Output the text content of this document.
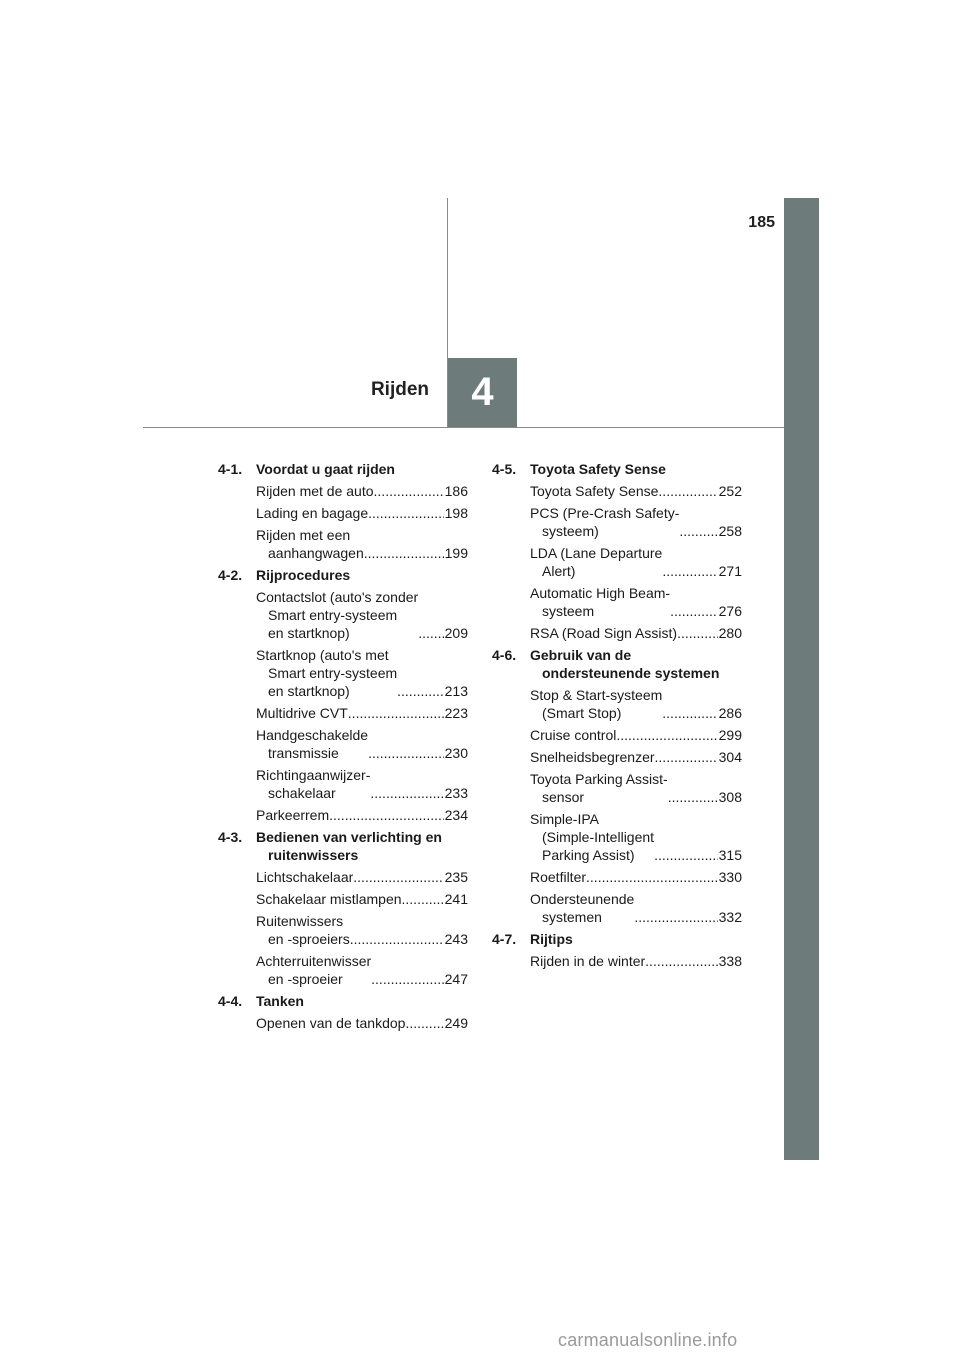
185
4
Rijden
4-1. Voordat u gaat rijden
Rijden met de auto .....	186
Lading en bagage .....	198
Rijden met een
aanhangwagen .....	199
4-2. Rijprocedures
Contactslot (auto's zonder
Smart entry-systeem
en startknop) .....	209
Startknop (auto's met
Smart entry-systeem
en startknop) .....	213
Multidrive CVT .....	223
Handgeschakelde
transmissie .....	230
Richtingaanwijzer-
schakelaar .....	233
Parkeerrem .....	234
4-3. Bedienen van verlichting en ruitenwissers
Lichtschakelaar .....	235
Schakelaar mistlampen .....	241
Ruitenwissers
en -sproeiers .....	243
Achterruitenwisser
en -sproeier .....	247
4-4. Tanken
Openen van de tankdop .....	249
4-5. Toyota Safety Sense
Toyota Safety Sense .....	252
PCS (Pre-Crash Safety-
systeem) .....	258
LDA (Lane Departure
Alert) .....	271
Automatic High Beam-
systeem .....	276
RSA (Road Sign Assist) .....	280
4-6. Gebruik van de ondersteunende systemen
Stop & Start-systeem
(Smart Stop) .....	286
Cruise control .....	299
Snelheidsbegrenzer .....	304
Toyota Parking Assist-
sensor .....	308
Simple-IPA
(Simple-Intelligent
Parking Assist) .....	315
Roetfilter .....	330
Ondersteunende
systemen .....	332
4-7. Rijtips
Rijden in de winter .....	338
carmanualsonline.info
